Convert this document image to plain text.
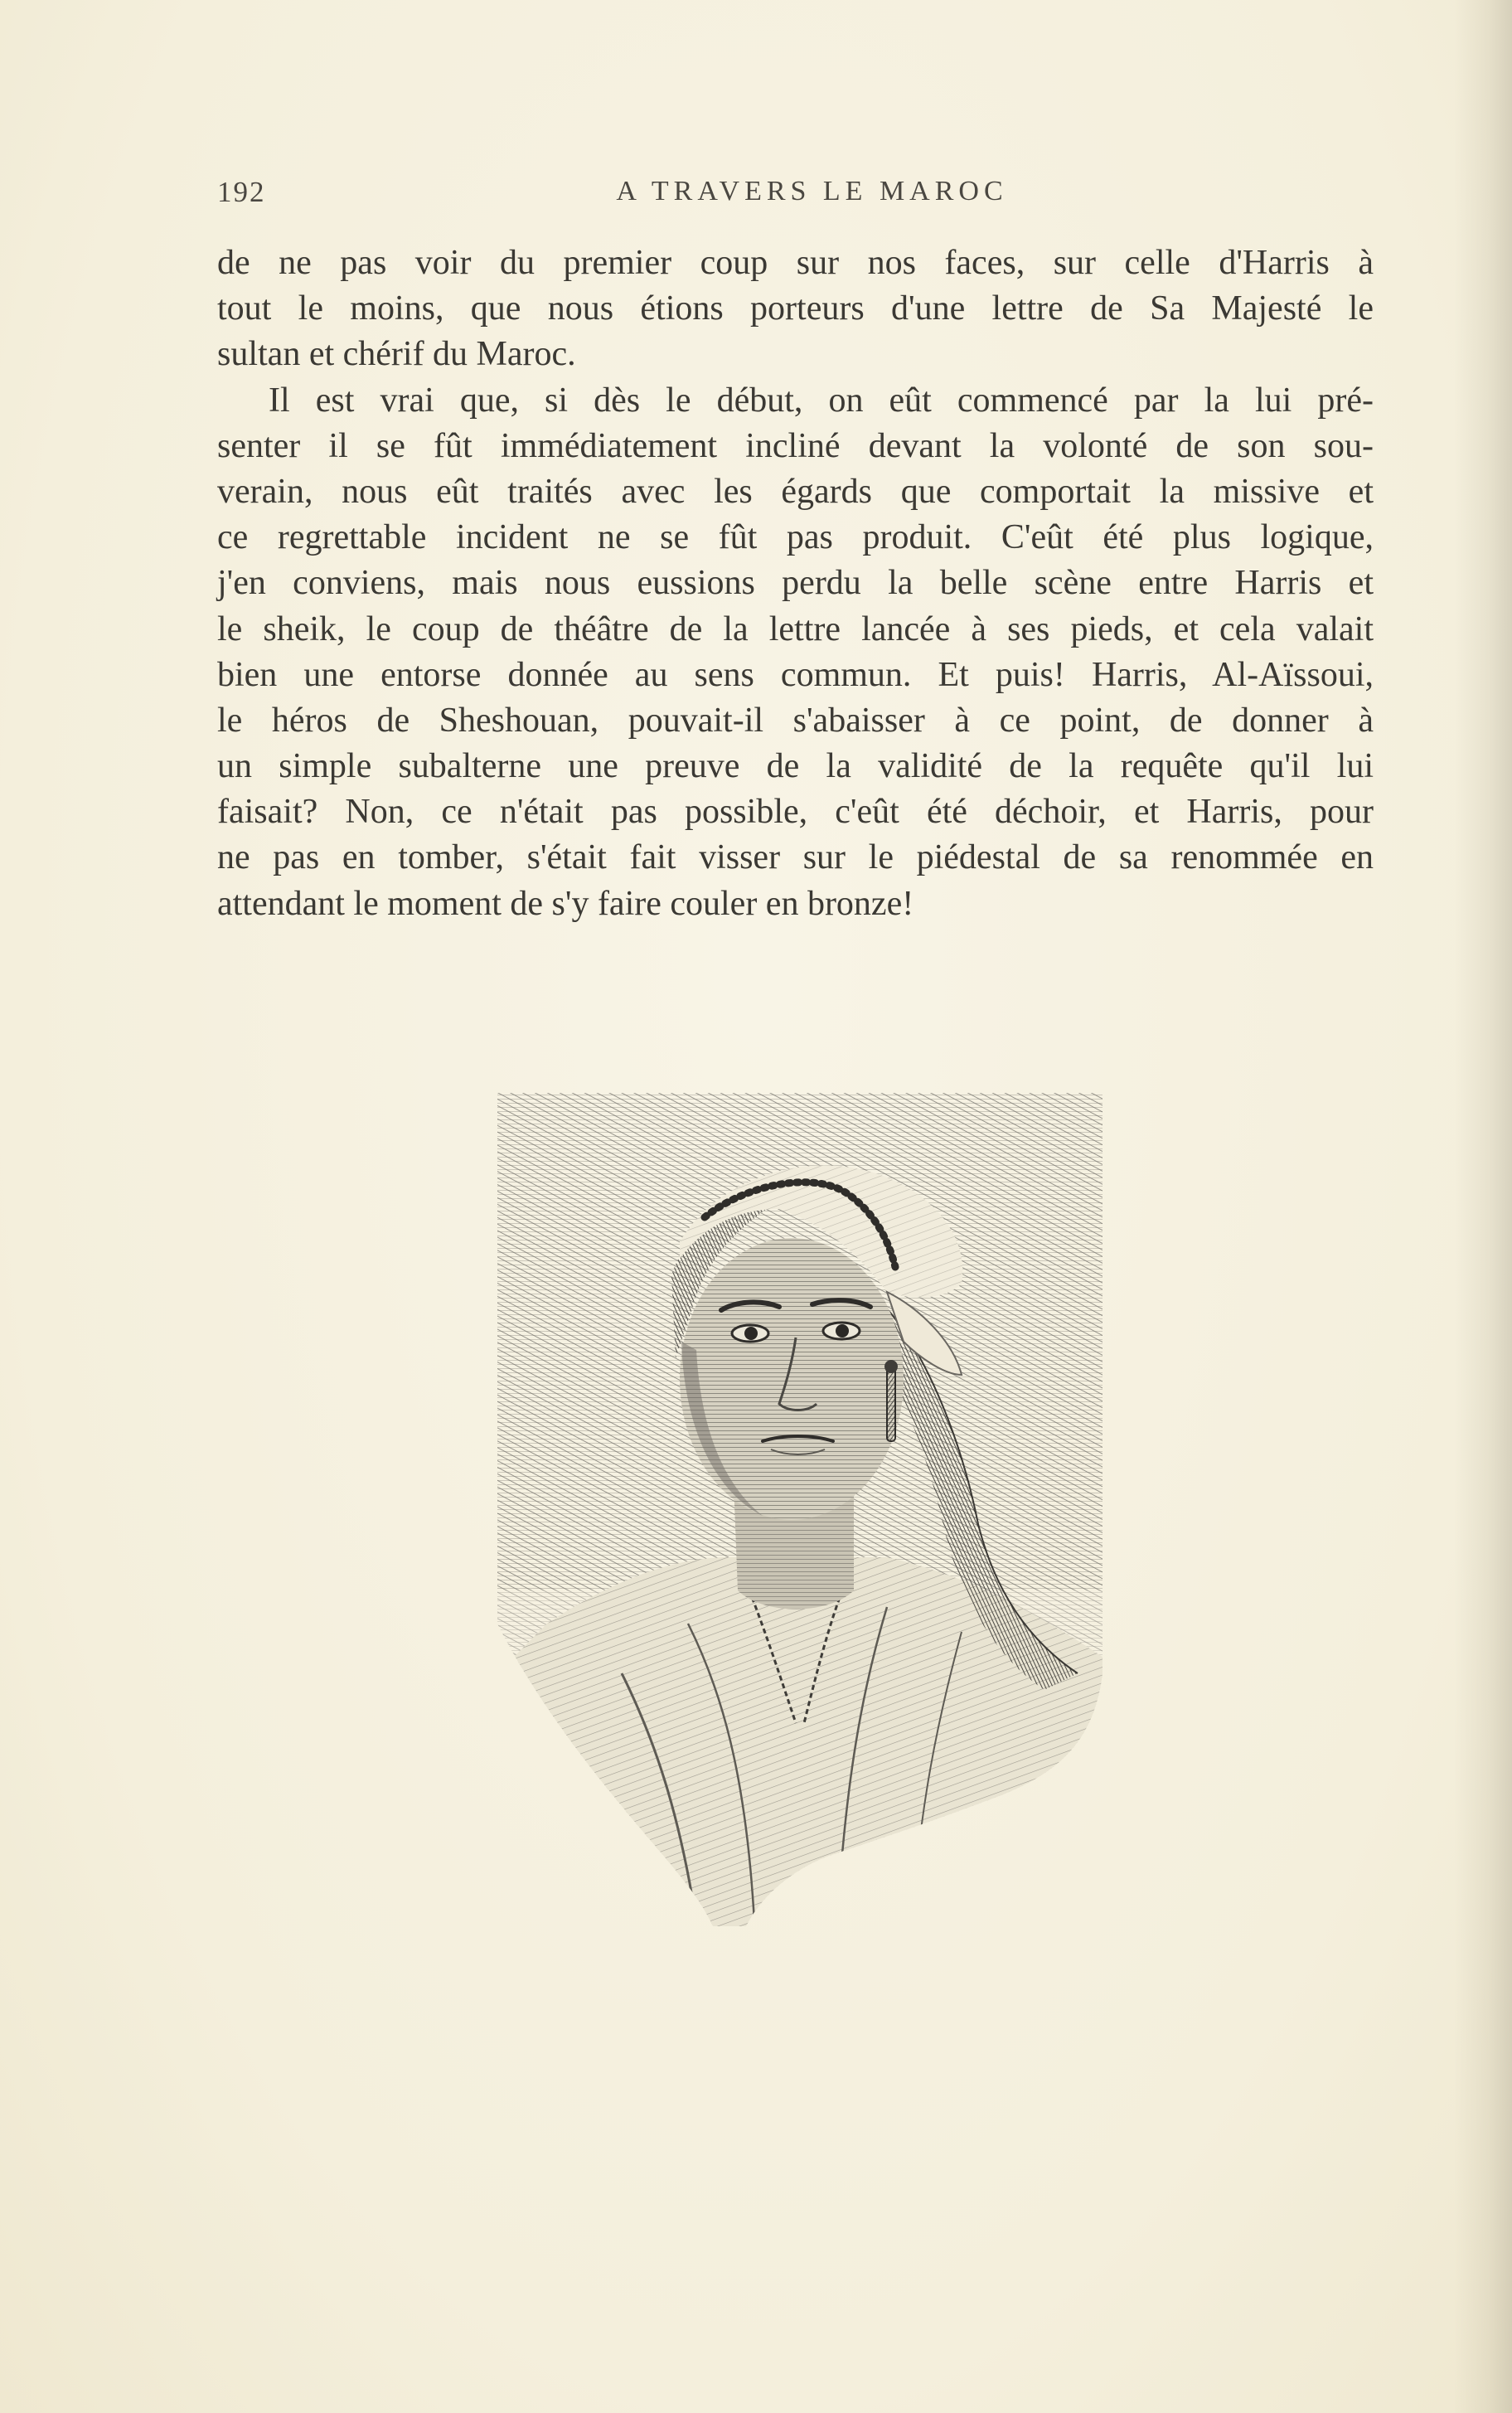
192	A TRAVERS LE MAROC
de ne pas voir du premier coup sur nos faces, sur celle d'Harris à
tout le moins, que nous étions porteurs d'une lettre de Sa Majesté le
sultan et chérif du Maroc.
Il est vrai que, si dès le début, on eût commencé par la lui pré-
senter il se fût immédiatement incliné devant la volonté de son sou-
verain, nous eût traités avec les égards que comportait la missive et
ce regrettable incident ne se fût pas produit. C'eût été plus logique,
j'en conviens, mais nous eussions perdu la belle scène entre Harris et
le sheik, le coup de théâtre de la lettre lancée à ses pieds, et cela valait
bien une entorse donnée au sens commun. Et puis! Harris, Al-Aïssoui,
le héros de Sheshouan, pouvait-il s'abaisser à ce point, de donner à
un simple subalterne une preuve de la validité de la requête qu'il lui
faisait? Non, ce n'était pas possible, c'eût été déchoir, et Harris, pour
ne pas en tomber, s'était fait visser sur le piédestal de sa renommée en
attendant le moment de s'y faire couler en bronze!
